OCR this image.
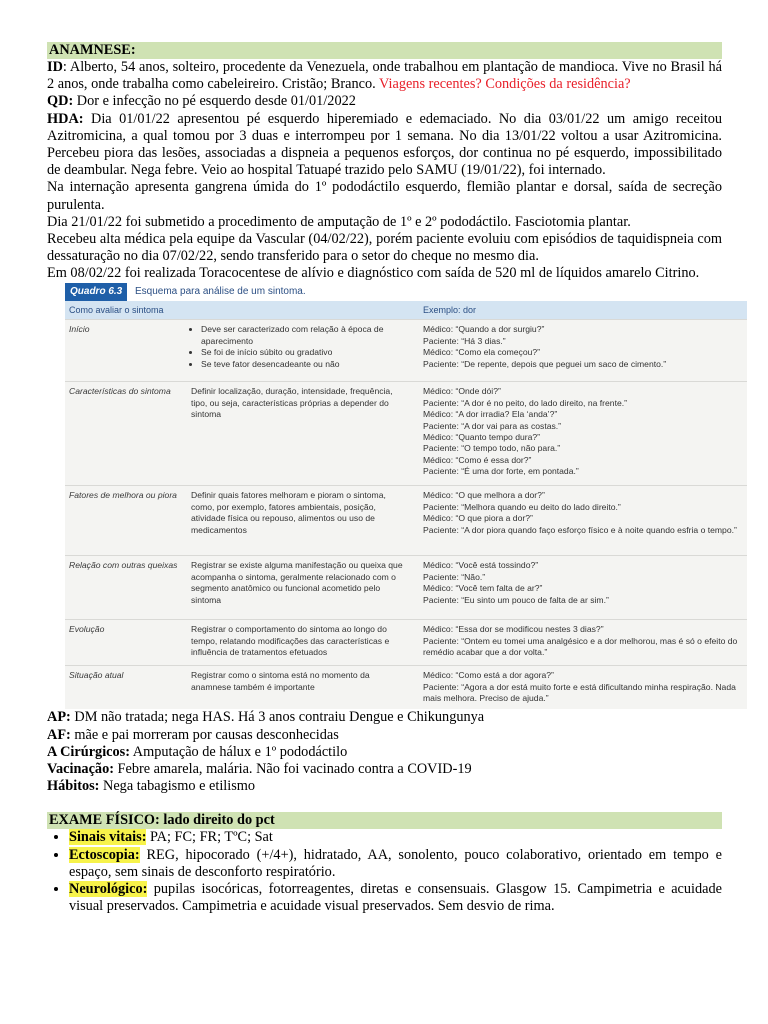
ANAMNESE:

ID: Alberto, 54 anos, solteiro, procedente da Venezuela, onde trabalhou em plantação de mandioca. Vive no Brasil há 2 anos, onde trabalha como cabeleireiro. Cristão; Branco. Viagens recentes? Condições da residência?

QD: Dor e infecção no pé esquerdo desde 01/01/2022

HDA: Dia 01/01/22 apresentou pé esquerdo hiperemiado e edemaciado. No dia 03/01/22 um amigo receitou Azitromicina, a qual tomou por 3 duas e interrompeu por 1 semana. No dia 13/01/22 voltou a usar Azitromicina. Percebeu piora das lesões, associadas a dispneia a pequenos esforços, dor continua no pé esquerdo, impossibilitado de deambular. Nega febre. Veio ao hospital Tatuapé trazido pelo SAMU (19/01/22), foi internado.

Na internação apresenta gangrena úmida do 1º pododáctilo esquerdo, flemião plantar e dorsal, saída de secreção purulenta.

Dia 21/01/22 foi submetido a procedimento de amputação de 1º e 2º pododáctilo. Fasciotomia plantar.

Recebeu alta médica pela equipe da Vascular (04/02/22), porém paciente evoluiu com episódios de taquidispneia com dessaturação no dia 07/02/22, sendo transferido para o setor do cheque no mesmo dia.

Em 08/02/22 foi realizada Toracocentese de alívio e diagnóstico com saída de 520 ml de líquidos amarelo Citrino.

Quadro 6.3	Esquema para análise de um sintoma.
Como avaliar o sintoma	Exemplo: dor
Início
•	Deve ser caracterizado com relação à época de aparecimento
• Se foi de início súbito ou gradativo
• Se teve fator desencadeante ou não
Médico: “Quando a dor surgiu?”
Paciente: “Há 3 dias.”
Médico: “Como ela começou?”
Paciente: “De repente, depois que peguei um saco de cimento.”
Características do sintoma	Definir localização, duração, intensidade, frequência, tipo, ou seja, características próprias a depender do sintoma
Médico: “Onde dói?”
Paciente: “A dor é no peito, do lado direito, na frente.”
Médico: “A dor irradia? Ela ‘anda’?”
Paciente: “A dor vai para as costas.”
Médico: “Quanto tempo dura?”
Paciente: “O tempo todo, não para.”
Médico: “Como é essa dor?”
Paciente: “É uma dor forte, em pontada.”
Fatores de melhora ou piora Definir quais fatores melhoram e pioram o sintoma, como, por exemplo, fatores ambientais, posição, atividade física ou repouso, alimentos ou uso de medicamentos
Médico: “O que melhora a dor?”
Paciente: “Melhora quando eu deito do lado direito.”
Médico: “O que piora a dor?”
Paciente: “A dor piora quando faço esforço físico e à noite quando esfria o tempo.”
Relação com outras queixas Registrar se existe alguma manifestação ou queixa que acompanha o sintoma, geralmente relacionado com o segmento anatômico ou funcional acometido pelo sintoma
Médico: “Você está tossindo?”
Paciente: “Não.”
Médico: “Você tem falta de ar?”
Paciente: “Eu sinto um pouco de falta de ar sim.”
Evolução	Registrar o comportamento do sintoma ao longo do tempo, relatando modificações das características e influência de tratamentos efetuados
Médico: “Essa dor se modificou nestes 3 dias?”
Paciente: “Ontem eu tomei uma analgésico e a dor melhorou, mas é só o efeito do remédio acabar que a dor volta.”
Situação atual	Registrar como o sintoma está no momento da anamnese também é importante
Médico: “Como está a dor agora?”
Paciente: “Agora a dor está muito forte e está dificultando minha respiração. Nada mais melhora. Preciso de ajuda.”

AP: DM não tratada; nega HAS. Há 3 anos contraiu Dengue e Chikungunya

AF: mãe e pai morreram por causas desconhecidas

A Cirúrgicos: Amputação de hálux e 1º pododáctilo

Vacinação: Febre amarela, malária. Não foi vacinado contra a COVID-19

Hábitos: Nega tabagismo e etilismo

EXAME FÍSICO: lado direito do pct
• Sinais vitais: PA; FC; FR; TºC; Sat
• Ectoscopia: REG, hipocorado (+/4+), hidratado, AA, sonolento, pouco colaborativo, orientado em tempo e espaço, sem sinais de desconforto respiratório.
• Neurológico: pupilas isocóricas, fotorreagentes, diretas e consensuais. Glasgow 15. Campimetria e acuidade visual preservados. Campimetria e acuidade visual preservados. Sem desvio de rima.
